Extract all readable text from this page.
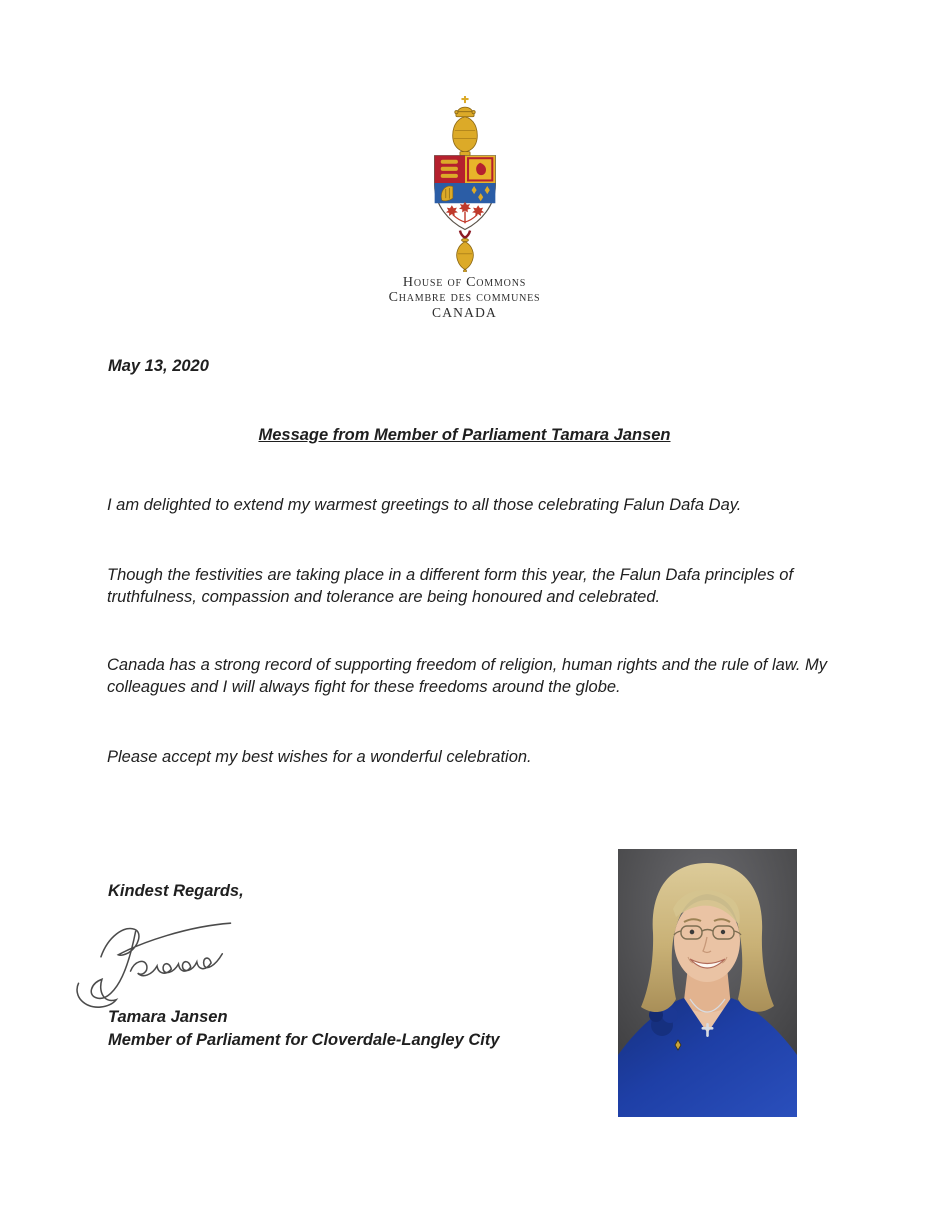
House of Commons
Chambre des communes
CANADA
May 13, 2020
Message from Member of Parliament Tamara Jansen

I am delighted to extend my warmest greetings to all those celebrating Falun Dafa Day.

Though the festivities are taking place in a different form this year, the Falun Dafa principles of truthfulness, compassion and tolerance are being honoured and celebrated.

Canada has a strong record of supporting freedom of religion, human rights and the rule of law. My colleagues and I will always fight for these freedoms around the globe.

Please accept my best wishes for a wonderful celebration.

Kindest Regards,
Tamara Jansen
Member of Parliament for Cloverdale-Langley City
